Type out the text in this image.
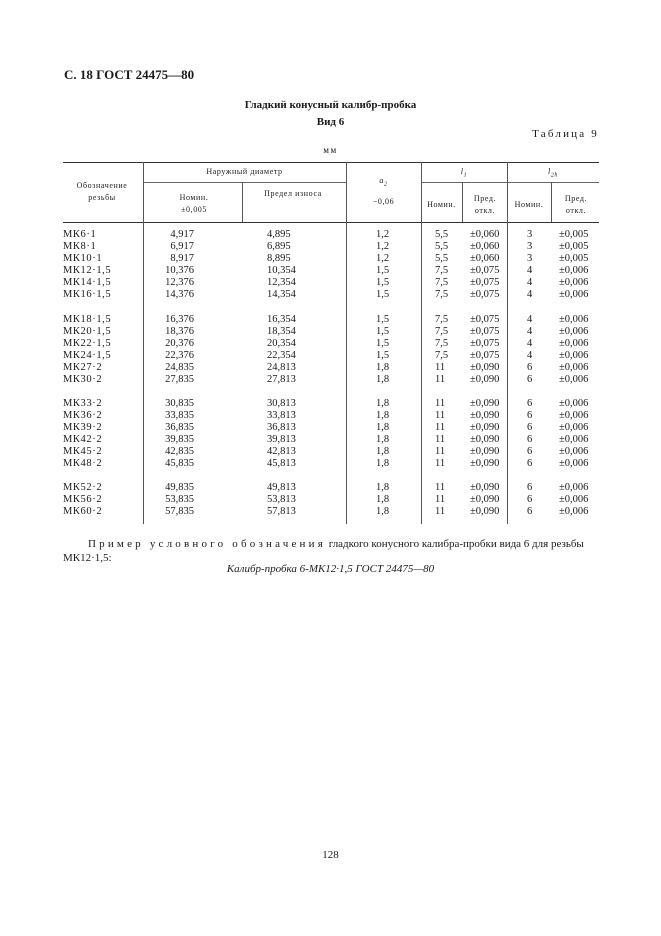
С. 18 ГОСТ 24475—80
Гладкий конусный калибр-пробка
Вид 6
Таблица 9
мм
Обозначение резьбы
Наружный диаметр
Номин. ±0,005
Предел износа
$a_2$
−0,06
$l_1$	$l_{2h}$
Номин.
Пред. откл.
Номин.
Пред. откл.
МК6·1	4,917	4,895	1,2	5,5 ±0,060	3	±0,005
МК8·1	6,917	6,895	1,2	5,5 ±0,060	3	±0,005
МК10·1	8,917	8,895	1,2	5,5 ±0,060	3	±0,005
МК12·1,5	10,376	10,354	1,5	7,5 ±0,075	4	±0,006
МК14·1,5	12,376	12,354	1,5	7,5 ±0,075	4	±0,006
МК16·1,5	14,376	14,354	1,5	7,5 ±0,075	4	±0,006
МК18·1,5	16,376	16,354	1,5	7,5 ±0,075	4	±0,006
МК20·1,5	18,376	18,354	1,5	7,5 ±0,075	4	±0,006
МК22·1,5	20,376	20,354	1,5	7,5 ±0,075	4	±0,006
МК24·1,5	22,376	22,354	1,5	7,5 ±0,075	4	±0,006
МК27·2	24,835	24,813	1,8	11 ±0,090	6	±0,006
МК30·2	27,835	27,813	1,8	11 ±0,090	6	±0,006
МК33·2	30,835	30,813	1,8	11 ±0,090	6	±0,006
МК36·2	33,835	33,813	1,8	11 ±0,090	6	±0,006
МК39·2	36,835	36,813	1,8	11 ±0,090	6	±0,006
МК42·2	39,835	39,813	1,8	11 ±0,090	6	±0,006
МК45·2	42,835	42,813	1,8	11 ±0,090	6	±0,006
МК48·2	45,835	45,813	1,8	11 ±0,090	6	±0,006
МК52·2	49,835	49,813	1,8	11 ±0,090	6	±0,006
МК56·2	53,835	53,813	1,8	11 ±0,090	6	±0,006
МК60·2	57,835	57,813	1,8	11 ±0,090	6	±0,006
Пример условного обозначения гладкого конусного калибра-пробки вида 6 для резьбы
МК12·1,5:
Калибр-пробка 6-МК12·1,5 ГОСТ 24475—80
128
